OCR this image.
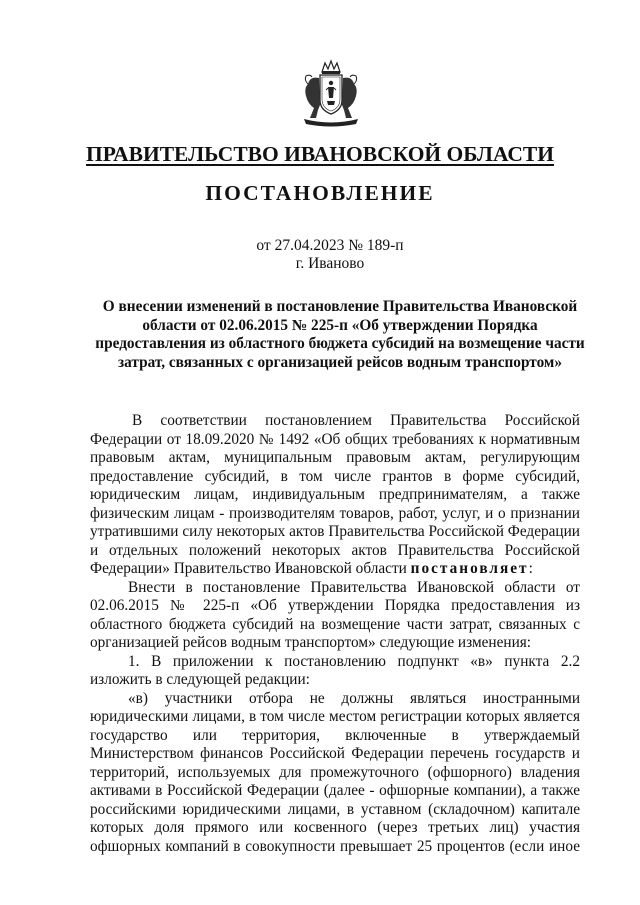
ПРАВИТЕЛЬСТВО ИВАНОВСКОЙ ОБЛАСТИ
ПОСТАНОВЛЕНИЕ
от 27.04.2023 № 189-п
г. Иваново
О внесении изменений в постановление Правительства Ивановской области от 02.06.2015 № 225-п «Об утверждении Порядка предоставления из областного бюджета субсидий на возмещение части затрат, связанных с организацией рейсов водным транспортом»

В соответствии постановлением Правительства Российской Федерации от 18.09.2020 № 1492 «Об общих требованиях к нормативным правовым актам, муниципальным правовым актам, регулирующим предоставление субсидий, в том числе грантов в форме субсидий, юридическим лицам, индивидуальным предпринимателям, а также физическим лицам - производителям товаров, работ, услуг, и о признании утратившими силу некоторых актов Правительства Российской Федерации и отдельных положений некоторых актов Правительства Российской Федерации» Правительство Ивановской области постановляет:

Внести в постановление Правительства Ивановской области от 02.06.2015 № 225-п «Об утверждении Порядка предоставления из областного бюджета субсидий на возмещение части затрат, связанных с организацией рейсов водным транспортом» следующие изменения:

1. В приложении к постановлению подпункт «в» пункта 2.2 изложить в следующей редакции:

«в) участники отбора не должны являться иностранными юридическими лицами, в том числе местом регистрации которых является государство или территория, включенные в утверждаемый Министерством финансов Российской Федерации перечень государств и территорий, используемых для промежуточного (офшорного) владения активами в Российской Федерации (далее - офшорные компании), а также российскими юридическими лицами, в уставном (складочном) капитале которых доля прямого или косвенного (через третьих лиц) участия офшорных компаний в совокупности превышает 25 процентов (если иное
